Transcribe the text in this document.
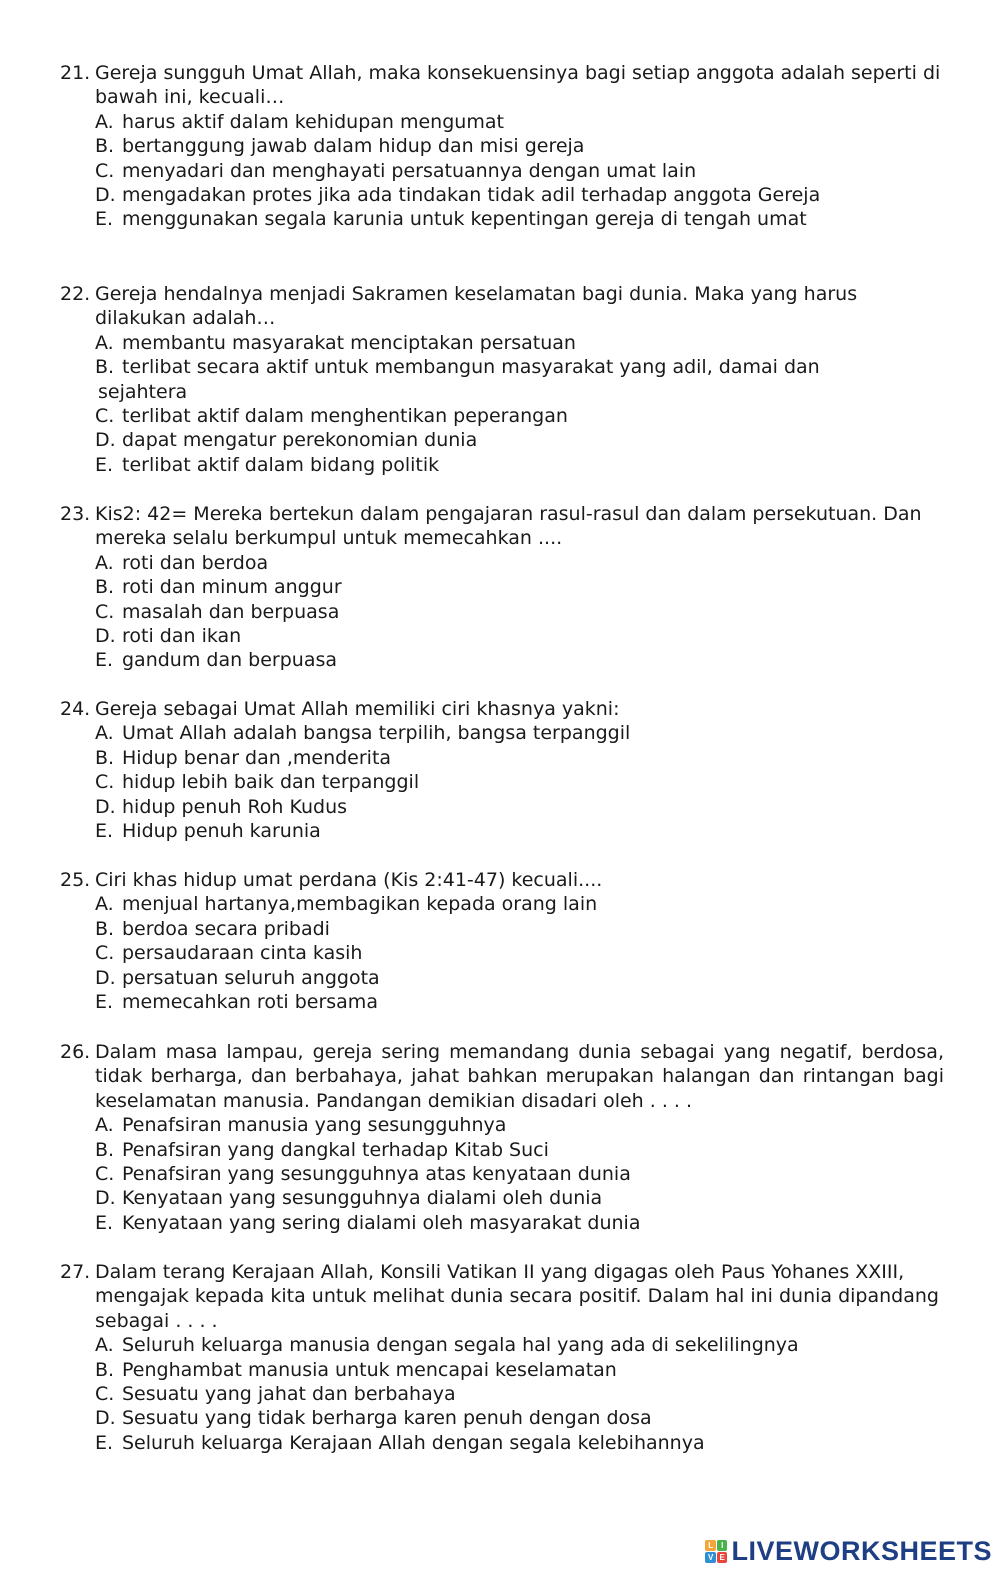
21. Gereja sungguh Umat Allah, maka konsekuensinya bagi setiap anggota adalah seperti di bawah ini, kecuali…
A. harus aktif dalam kehidupan mengumat
B. bertanggung jawab dalam hidup dan misi gereja
C. menyadari dan menghayati persatuannya dengan umat lain
D. mengadakan protes jika ada tindakan tidak adil terhadap anggota Gereja
E. menggunakan segala karunia untuk kepentingan gereja di tengah umat
22. Gereja hendalnya menjadi Sakramen keselamatan bagi dunia. Maka yang harus dilakukan adalah…
A. membantu masyarakat menciptakan persatuan
B. terlibat secara aktif untuk membangun masyarakat yang adil, damai dan
sejahtera
C. terlibat aktif dalam menghentikan peperangan
D. dapat mengatur perekonomian dunia
E. terlibat aktif dalam bidang politik
23. Kis2: 42= Mereka bertekun dalam pengajaran rasul-rasul dan dalam persekutuan. Dan mereka selalu berkumpul untuk memecahkan ....
A. roti dan berdoa
B. roti dan minum anggur
C. masalah dan berpuasa
D. roti dan ikan
E. gandum dan berpuasa
24. Gereja sebagai Umat Allah memiliki ciri khasnya yakni:
A. Umat Allah adalah bangsa terpilih, bangsa terpanggil
B. Hidup benar dan ,menderita
C. hidup lebih baik dan terpanggil
D. hidup penuh Roh Kudus
E. Hidup penuh karunia
25. Ciri khas hidup umat perdana (Kis 2:41-47) kecuali....
A. menjual hartanya,membagikan kepada orang lain
B. berdoa secara pribadi
C. persaudaraan cinta kasih
D. persatuan seluruh anggota
E. memecahkan roti bersama
26. Dalam masa lampau, gereja sering memandang dunia sebagai yang negatif, berdosa, tidak berharga, dan berbahaya, jahat bahkan merupakan halangan dan rintangan bagi keselamatan manusia. Pandangan demikian disadari oleh . . . .
A. Penafsiran manusia yang sesungguhnya
B. Penafsiran yang dangkal terhadap Kitab Suci
C. Penafsiran yang sesungguhnya atas kenyataan dunia
D. Kenyataan yang sesungguhnya dialami oleh dunia
E. Kenyataan yang sering dialami oleh masyarakat dunia
27. Dalam terang Kerajaan Allah, Konsili Vatikan II yang digagas oleh Paus Yohanes XXIII, mengajak kepada kita untuk melihat dunia secara positif. Dalam hal ini dunia dipandang sebagai . . . .
A. Seluruh keluarga manusia dengan segala hal yang ada di sekelilingnya
B. Penghambat manusia untuk mencapai keselamatan
C. Sesuatu yang jahat dan berbahaya
D. Sesuatu yang tidak berharga karen penuh dengan dosa
E. Seluruh keluarga Kerajaan Allah dengan segala kelebihannya
L I
V E LIVEWORKSHEETS
